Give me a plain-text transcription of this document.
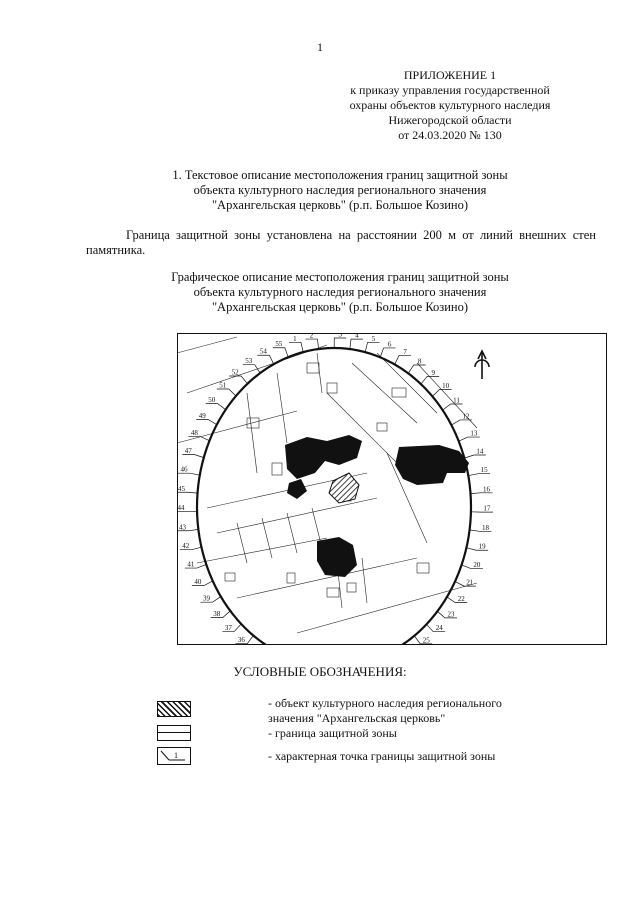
1
ПРИЛОЖЕНИЕ 1
к приказу управления государственной
охраны объектов культурного наследия
Нижегородской области
от 24.03.2020 № 130
1. Текстовое описание местоположения границ защитной зоны
объекта культурного наследия регионального значения
"Архангельская церковь" (р.п. Большое Козино)
Граница защитной зоны установлена на расстоянии 200 м от линий внешних стен памятника.
Графическое описание местоположения границ защитной зоны
объекта культурного наследия регионального значения
"Архангельская церковь" (р.п. Большое Козино)
1 2	3 4 5
6
7
8
9
10
11
12
13
14
15
16
17
18
19
20
21
22
23
24
25
36
37
38
39
40
41
42
43
44
45
46
47
48
49
50
51
52
53
54
55
УСЛОВНЫЕ ОБОЗНАЧЕНИЯ:
- объект культурного наследия регионального
значения "Архангельская церковь"
- граница защитной зоны
1	- характерная точка границы защитной зоны
